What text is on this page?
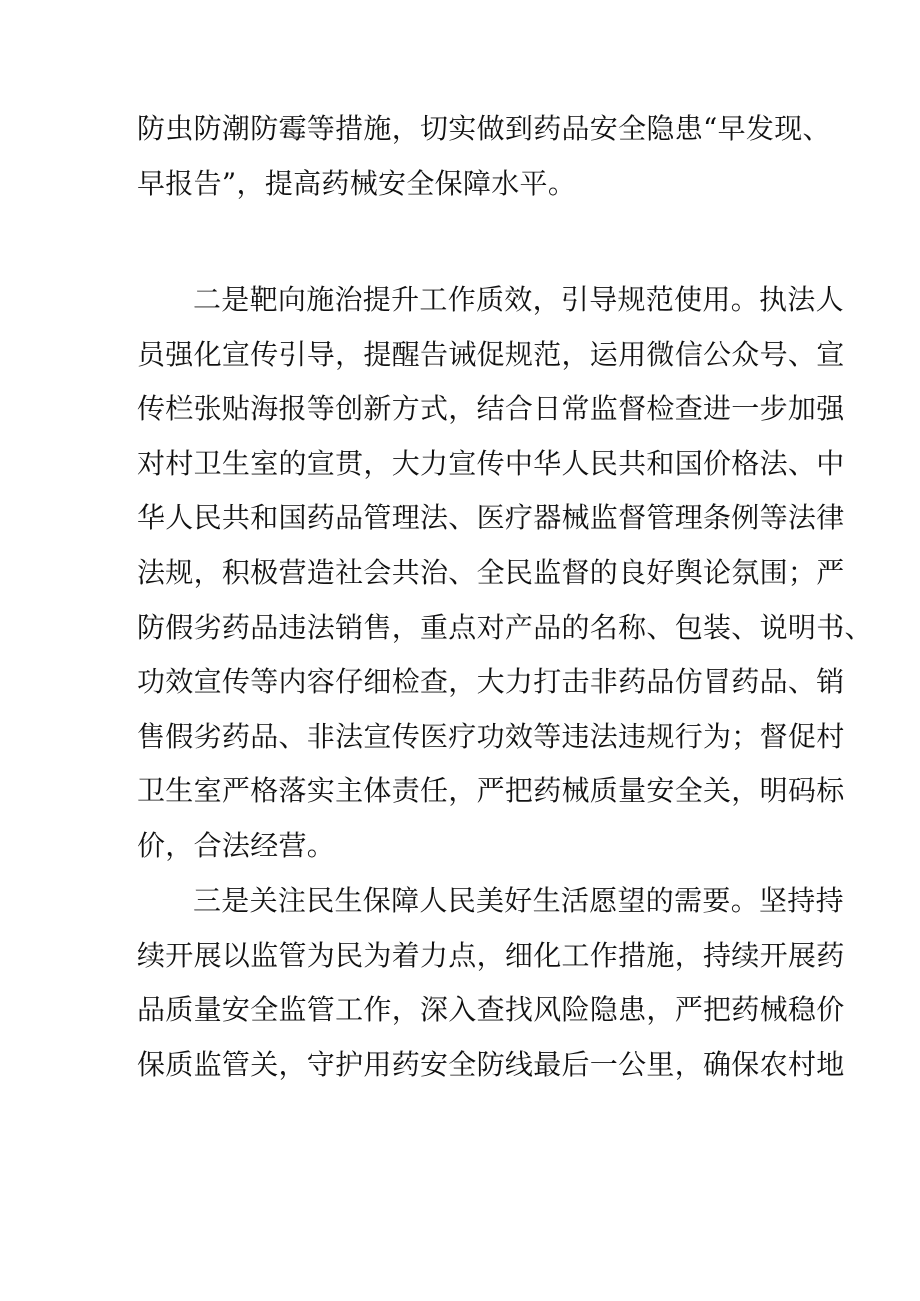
防虫防潮防霉等措施，切实做到药品安全隐患“早发现、
早报告”，提高药械安全保障水平。
二是靶向施治提升工作质效，引导规范使用。执法人
员强化宣传引导，提醒告诫促规范，运用微信公众号、宣
传栏张贴海报等创新方式，结合日常监督检查进一步加强
对村卫生室的宣贯，大力宣传中华人民共和国价格法、中
华人民共和国药品管理法、医疗器械监督管理条例等法律
法规，积极营造社会共治、全民监督的良好舆论氛围；严
防假劣药品违法销售，重点对产品的名称、包装、说明书、
功效宣传等内容仔细检查，大力打击非药品仿冒药品、销
售假劣药品、非法宣传医疗功效等违法违规行为；督促村
卫生室严格落实主体责任，严把药械质量安全关，明码标
价，合法经营。
三是关注民生保障人民美好生活愿望的需要。坚持持
续开展以监管为民为着力点，细化工作措施，持续开展药
品质量安全监管工作，深入查找风险隐患，严把药械稳价
保质监管关，守护用药安全防线最后一公里，确保农村地
